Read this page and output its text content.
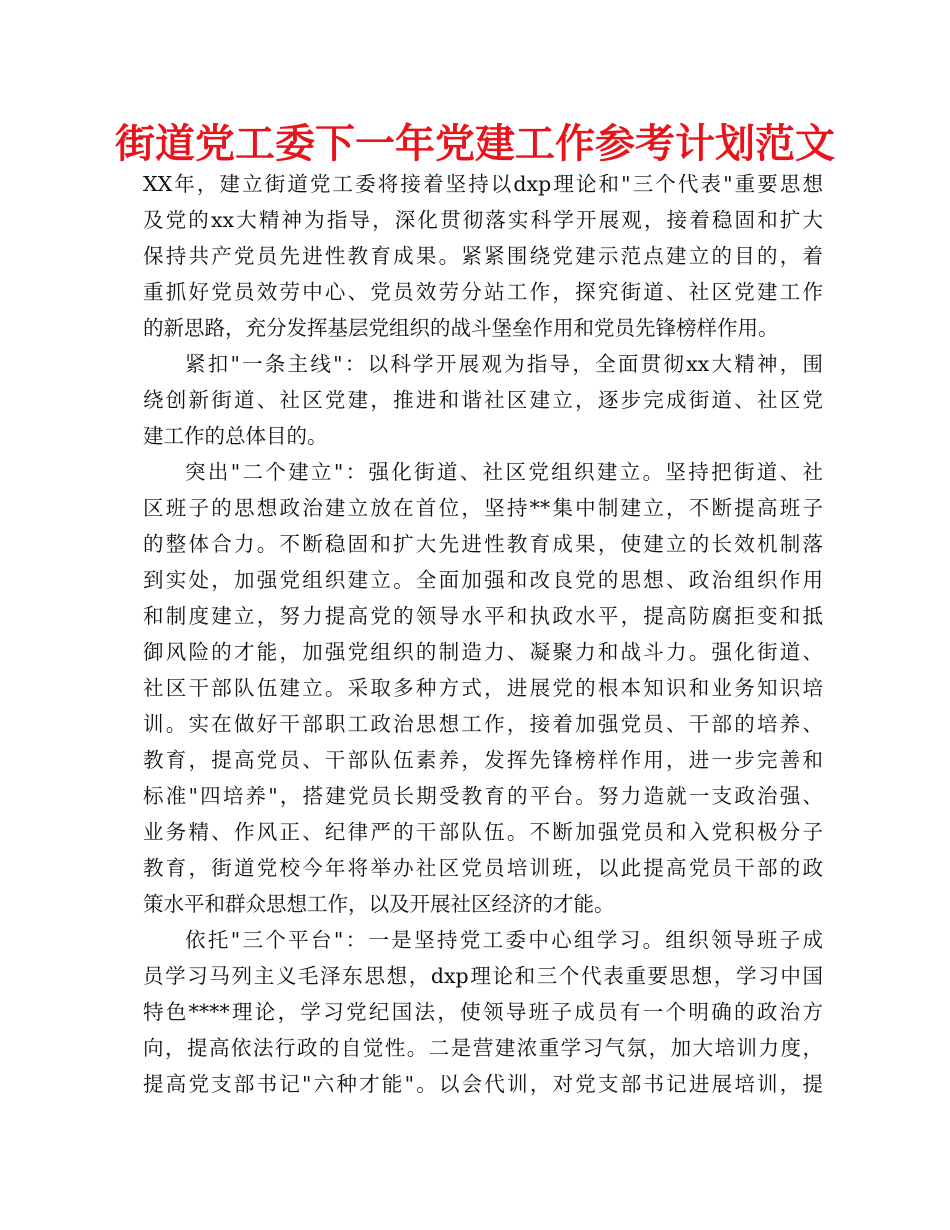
街道党工委下一年党建工作参考计划范文
XX年，建立街道党工委将接着坚持以dxp理论和"三个代表"重要思想
及党的xx大精神为指导，深化贯彻落实科学开展观，接着稳固和扩大
保持共产党员先进性教育成果。紧紧围绕党建示范点建立的目的，着
重抓好党员效劳中心、党员效劳分站工作，探究街道、社区党建工作
的新思路，充分发挥基层党组织的战斗堡垒作用和党员先锋榜样作用。
紧扣"一条主线"：以科学开展观为指导，全面贯彻xx大精神，围
绕创新街道、社区党建，推进和谐社区建立，逐步完成街道、社区党
建工作的总体目的。
突出"二个建立"：强化街道、社区党组织建立。坚持把街道、社
区班子的思想政治建立放在首位，坚持**集中制建立，不断提高班子
的整体合力。不断稳固和扩大先进性教育成果，使建立的长效机制落
到实处，加强党组织建立。全面加强和改良党的思想、政治组织作用
和制度建立，努力提高党的领导水平和执政水平，提高防腐拒变和抵
御风险的才能，加强党组织的制造力、凝聚力和战斗力。强化街道、
社区干部队伍建立。采取多种方式，进展党的根本知识和业务知识培
训。实在做好干部职工政治思想工作，接着加强党员、干部的培养、
教育，提高党员、干部队伍素养，发挥先锋榜样作用，进一步完善和
标准"四培养"，搭建党员长期受教育的平台。努力造就一支政治强、
业务精、作风正、纪律严的干部队伍。不断加强党员和入党积极分子
教育，街道党校今年将举办社区党员培训班，以此提高党员干部的政
策水平和群众思想工作，以及开展社区经济的才能。
依托"三个平台"：一是坚持党工委中心组学习。组织领导班子成
员学习马列主义毛泽东思想，dxp理论和三个代表重要思想，学习中国
特色****理论，学习党纪国法，使领导班子成员有一个明确的政治方
向，提高依法行政的自觉性。二是营建浓重学习气氛，加大培训力度，
提高党支部书记"六种才能"。以会代训，对党支部书记进展培训，提
